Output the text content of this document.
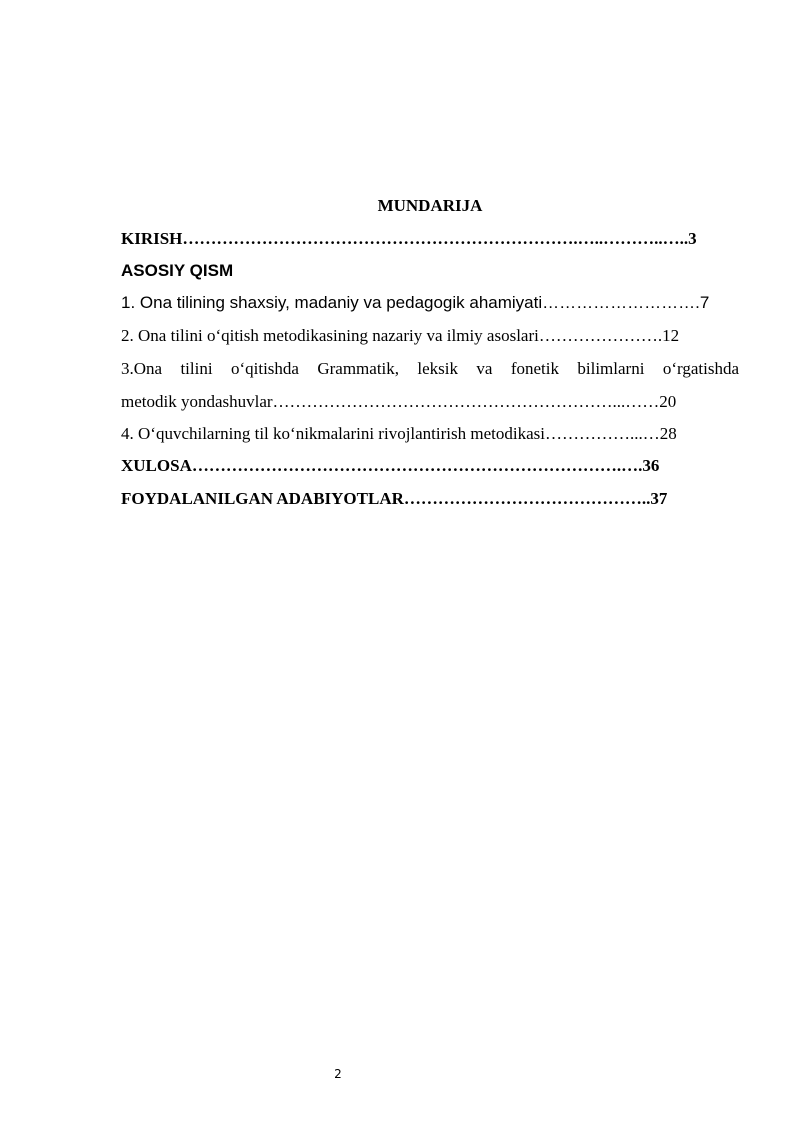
MUNDARIJA
KIRISH…………………………………………………………….…..………..…..3
ASOSIY QISM
1. Ona tilining shaxsiy, madaniy va pedagogik ahamiyati……………………….7
2. Ona tilini o‘qitish metodikasining nazariy va ilmiy asoslari………………….12
3.Ona tilini o‘qitishda Grammatik, leksik va fonetik bilimlarni o‘rgatishda
metodik yondashuvlar……………………………………………………...……20
4. O‘quvchilarning til ko‘nikmalarini rivojlantirish metodikasi……………...…28
XULOSA………………………………………………………………….….36
FOYDALANILGAN ADABIYOTLAR……………………………………..37
2
